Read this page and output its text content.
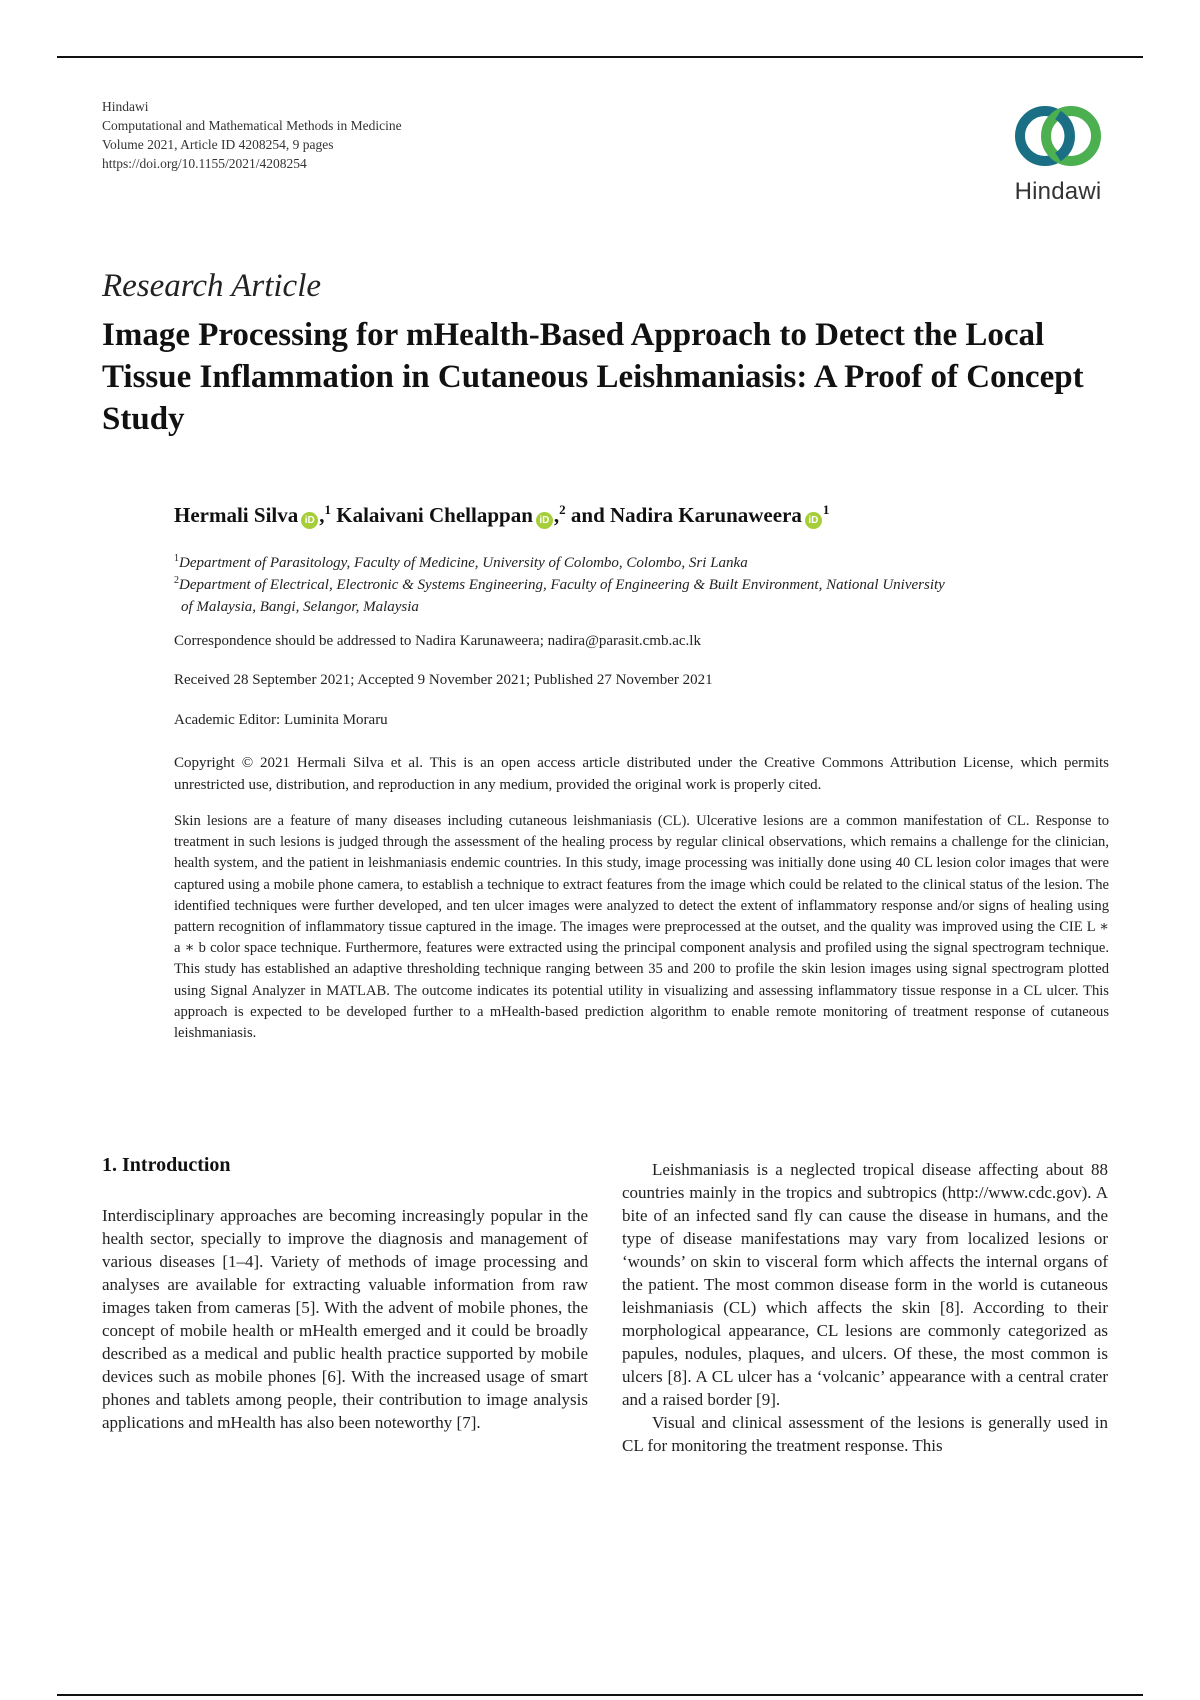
Hindawi
Computational and Mathematical Methods in Medicine
Volume 2021, Article ID 4208254, 9 pages
https://doi.org/10.1155/2021/4208254
Hindawi
Research Article
Image Processing for mHealth-Based Approach to Detect the Local Tissue Inflammation in Cutaneous Leishmaniasis: A Proof of Concept Study
Hermali Silva iD ,$^1$ Kalaivani Chellappan iD ,$^2$ and Nadira Karunaweera $iD^1$
$^1$Department of Parasitology, Faculty of Medicine, University of Colombo, Colombo, Sri Lanka
$^2$Department of Electrical, Electronic & Systems Engineering, Faculty of Engineering & Built Environment, National University
of Malaysia, Bangi, Selangor, Malaysia
Correspondence should be addressed to Nadira Karunaweera; nadira@parasit.cmb.ac.lk
Received 28 September 2021; Accepted 9 November 2021; Published 27 November 2021
Academic Editor: Luminita Moraru
Copyright © 2021 Hermali Silva et al. This is an open access article distributed under the Creative Commons Attribution License, which permits unrestricted use, distribution, and reproduction in any medium, provided the original work is properly cited.
Skin lesions are a feature of many diseases including cutaneous leishmaniasis (CL). Ulcerative lesions are a common manifestation of CL. Response to treatment in such lesions is judged through the assessment of the healing process by regular clinical observations, which remains a challenge for the clinician, health system, and the patient in leishmaniasis endemic countries. In this study, image processing was initially done using 40 CL lesion color images that were captured using a mobile phone camera, to establish a technique to extract features from the image which could be related to the clinical status of the lesion. The identified techniques were further developed, and ten ulcer images were analyzed to detect the extent of inflammatory response and/or signs of healing using pattern recognition of inflammatory tissue captured in the image. The images were preprocessed at the outset, and the quality was improved using the CIE L ∗ a ∗ b color space technique. Furthermore, features were extracted using the principal component analysis and profiled using the signal spectrogram technique. This study has established an adaptive thresholding technique ranging between 35 and 200 to profile the skin lesion images using signal spectrogram plotted using Signal Analyzer in MATLAB. The outcome indicates its potential utility in visualizing and assessing inflammatory tissue response in a CL ulcer. This approach is expected to be developed further to a mHealth-based prediction algorithm to enable remote monitoring of treatment response of cutaneous leishmaniasis.
1. Introduction

Interdisciplinary approaches are becoming increasingly popular in the health sector, specially to improve the diagnosis and management of various diseases [1–4]. Variety of methods of image processing and analyses are available for extracting valuable information from raw images taken from cameras [5]. With the advent of mobile phones, the concept of mobile health or mHealth emerged and it could be broadly described as a medical and public health practice supported by mobile devices such as mobile phones [6]. With the increased usage of smart phones and tablets among people, their contribution to image analysis applications and mHealth has also been noteworthy [7].

Leishmaniasis is a neglected tropical disease affecting about 88 countries mainly in the tropics and subtropics (http://www.cdc.gov). A bite of an infected sand fly can cause the disease in humans, and the type of disease manifestations may vary from localized lesions or ‘wounds’ on skin to visceral form which affects the internal organs of the patient. The most common disease form in the world is cutaneous leishmaniasis (CL) which affects the skin [8]. According to their morphological appearance, CL lesions are commonly categorized as papules, nodules, plaques, and ulcers. Of these, the most common is ulcers [8]. A CL ulcer has a ‘volcanic’ appearance with a central crater and a raised border [9].

Visual and clinical assessment of the lesions is generally used in CL for monitoring the treatment response. This
